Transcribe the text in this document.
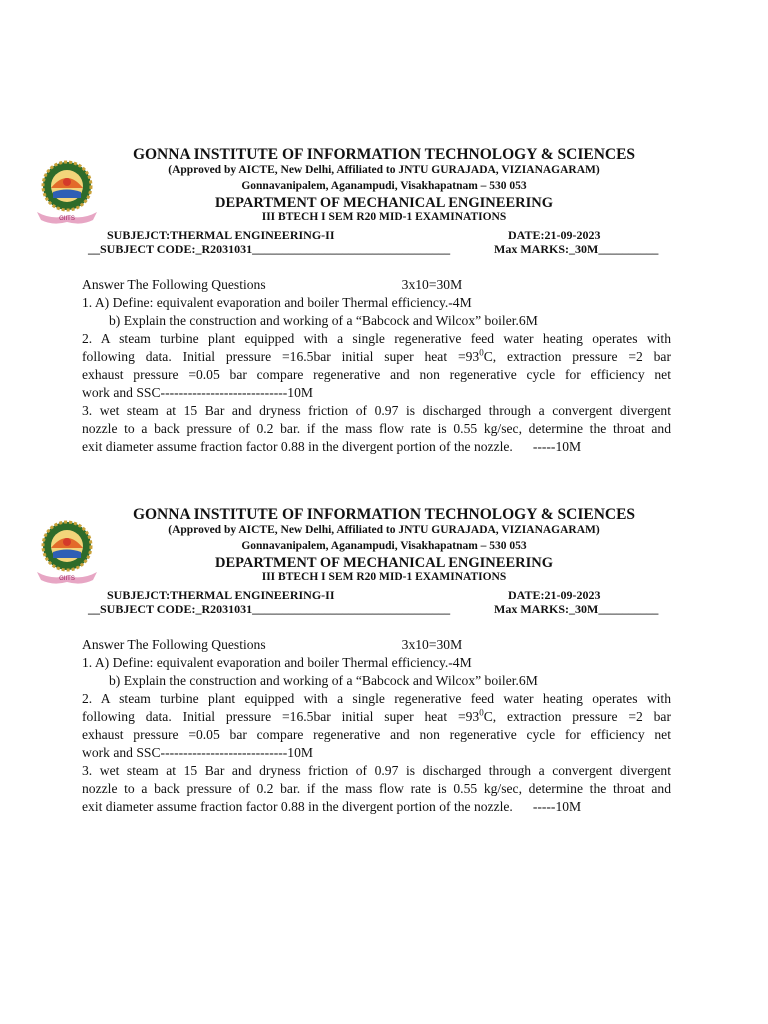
GIITS
GONNA INSTITUTE OF INFORMATION TECHNOLOGY & SCIENCES
(Approved by AICTE, New Delhi, Affiliated to JNTU GURAJADA, VIZIANAGARAM)
Gonnavanipalem, Aganampudi, Visakhapatnam – 530 053
DEPARTMENT OF MECHANICAL ENGINEERING
III BTECH I SEM R20 MID-1 EXAMINATIONS
SUBJEJCT:THERMAL ENGINEERING-II	DATE:21-09-2023
__SUBJECT CODE:_R2031031_________________________________	Max MARKS:_30M__________
Answer The Following Questions	3x10=30M
1. A) Define: equivalent evaporation and boiler Thermal efficiency.-4M
b) Explain the construction and working of a “Babcock and Wilcox” boiler.6M
2. A steam turbine plant equipped with a single regenerative feed water heating operates with
following data. Initial pressure =16.5bar initial super heat $=93^0C$, extraction pressure =2 bar
exhaust pressure =0.05 bar compare regenerative and non regenerative cycle for efficiency net
work and SSC----------------------------10M
3. wet steam at 15 Bar and dryness friction of 0.97 is discharged through a convergent divergent
nozzle to a back pressure of 0.2 bar. if the mass flow rate is 0.55 kg/sec, determine the throat and
exit diameter assume fraction factor 0.88 in the divergent portion of the nozzle. -----10M
GIITS
GONNA INSTITUTE OF INFORMATION TECHNOLOGY & SCIENCES
(Approved by AICTE, New Delhi, Affiliated to JNTU GURAJADA, VIZIANAGARAM)
Gonnavanipalem, Aganampudi, Visakhapatnam – 530 053
DEPARTMENT OF MECHANICAL ENGINEERING
III BTECH I SEM R20 MID-1 EXAMINATIONS
SUBJEJCT:THERMAL ENGINEERING-II	DATE:21-09-2023
__SUBJECT CODE:_R2031031_________________________________	Max MARKS:_30M__________
Answer The Following Questions	3x10=30M
1. A) Define: equivalent evaporation and boiler Thermal efficiency.-4M
b) Explain the construction and working of a “Babcock and Wilcox” boiler.6M
2. A steam turbine plant equipped with a single regenerative feed water heating operates with
following data. Initial pressure =16.5bar initial super heat $=93^0C$, extraction pressure =2 bar
exhaust pressure =0.05 bar compare regenerative and non regenerative cycle for efficiency net
work and SSC----------------------------10M
3. wet steam at 15 Bar and dryness friction of 0.97 is discharged through a convergent divergent
nozzle to a back pressure of 0.2 bar. if the mass flow rate is 0.55 kg/sec, determine the throat and
exit diameter assume fraction factor 0.88 in the divergent portion of the nozzle. -----10M
